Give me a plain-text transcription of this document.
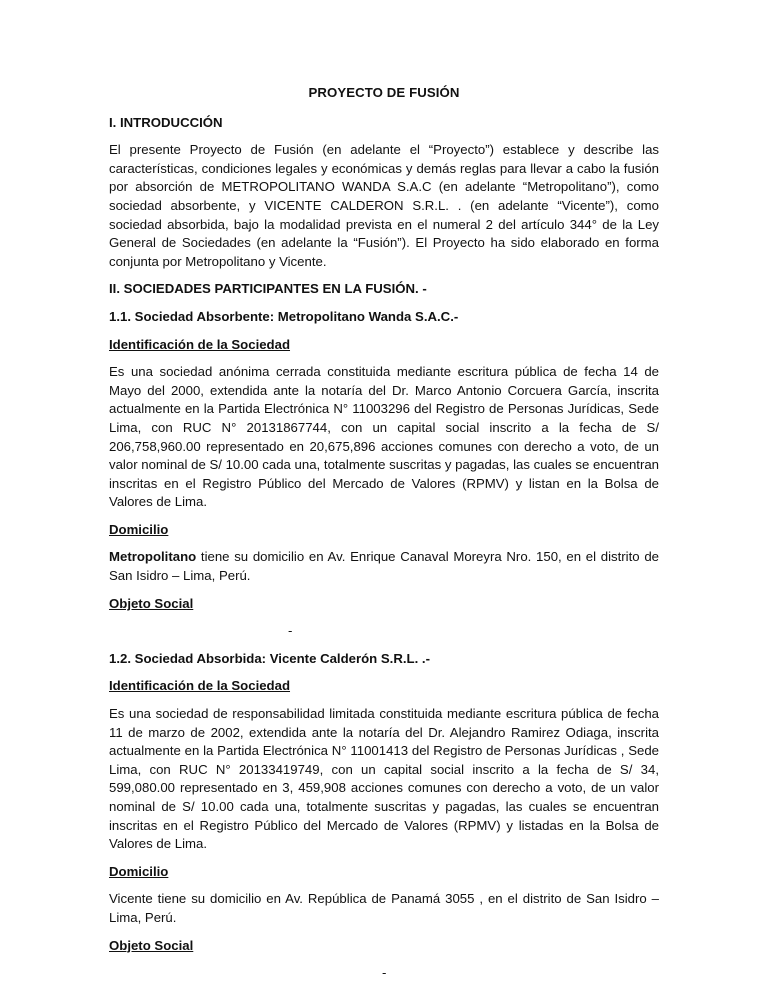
PROYECTO DE FUSIÓN
I. INTRODUCCIÓN

El presente Proyecto de Fusión (en adelante el “Proyecto”) establece y describe las características, condiciones legales y económicas y demás reglas para llevar a cabo la fusión por absorción de METROPOLITANO WANDA S.A.C (en adelante “Metropolitano”), como sociedad absorbente, y VICENTE CALDERON S.R.L. . (en adelante “Vicente”), como sociedad absorbida, bajo la modalidad prevista en el numeral 2 del artículo 344° de la Ley General de Sociedades (en adelante la “Fusión”). El Proyecto ha sido elaborado en forma conjunta por Metropolitano y Vicente.

II. SOCIEDADES PARTICIPANTES EN LA FUSIÓN. -
1.1. Sociedad Absorbente: Metropolitano Wanda S.A.C.-
Identificación de la Sociedad

Es una sociedad anónima cerrada constituida mediante escritura pública de fecha 14 de Mayo del 2000, extendida ante la notaría del Dr. Marco Antonio Corcuera García, inscrita actualmente en la Partida Electrónica N° 11003296 del Registro de Personas Jurídicas, Sede Lima, con RUC N° 20131867744, con un capital social inscrito a la fecha de S/ 206,758,960.00 representado en 20,675,896 acciones comunes con derecho a voto, de un valor nominal de S/ 10.00 cada una, totalmente suscritas y pagadas, las cuales se encuentran inscritas en el Registro Público del Mercado de Valores (RPMV) y listan en la Bolsa de Valores de Lima.

Domicilio

Metropolitano tiene su domicilio en Av. Enrique Canaval Moreyra Nro. 150, en el distrito de San Isidro – Lima, Perú.

Objeto Social
-
1.2. Sociedad Absorbida: Vicente Calderón S.R.L. .-
Identificación de la Sociedad

Es una sociedad de responsabilidad limitada constituida mediante escritura pública de fecha 11 de marzo de 2002, extendida ante la notaría del Dr. Alejandro Ramirez Odiaga, inscrita actualmente en la Partida Electrónica N° 11001413 del Registro de Personas Jurídicas , Sede Lima, con RUC N° 20133419749, con un capital social inscrito a la fecha de S/ 34, 599,080.00 representado en 3, 459,908 acciones comunes con derecho a voto, de un valor nominal de S/ 10.00 cada una, totalmente suscritas y pagadas, las cuales se encuentran inscritas en el Registro Público del Mercado de Valores (RPMV) y listadas en la Bolsa de Valores de Lima.

Domicilio

Vicente tiene su domicilio en Av. República de Panamá 3055 , en el distrito de San Isidro – Lima, Perú.

Objeto Social
-
